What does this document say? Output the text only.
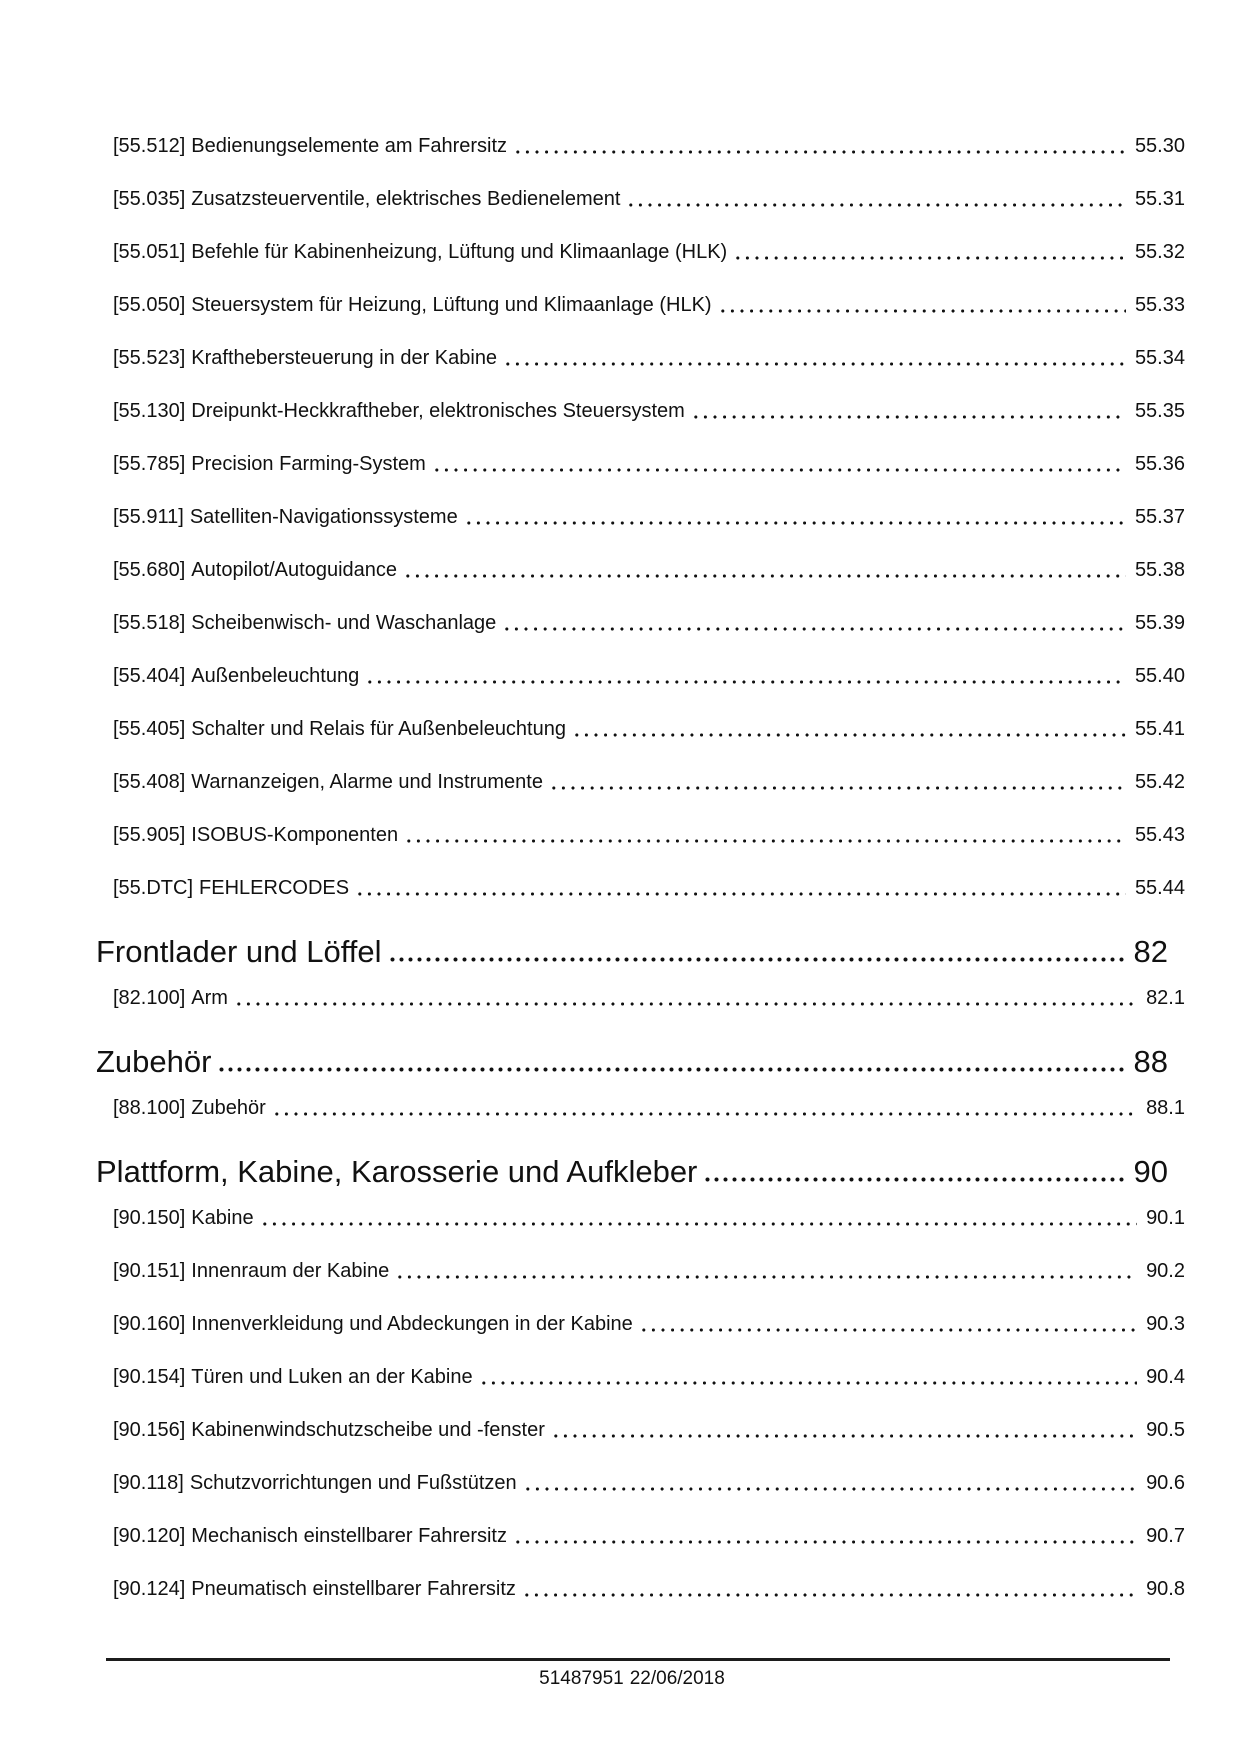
[55.512] Bedienungselemente am Fahrersitz	55.30
[55.035] Zusatzsteuerventile, elektrisches Bedienelement	55.31
[55.051] Befehle für Kabinenheizung, Lüftung und Klimaanlage (HLK)	55.32
[55.050] Steuersystem für Heizung, Lüftung und Klimaanlage (HLK)	55.33
[55.523] Krafthebersteuerung in der Kabine	55.34
[55.130] Dreipunkt-Heckkraftheber, elektronisches Steuersystem	55.35
[55.785] Precision Farming-System	55.36
[55.911] Satelliten-Navigationssysteme	55.37
[55.680] Autopilot/Autoguidance	55.38
[55.518] Scheibenwisch- und Waschanlage	55.39
[55.404] Außenbeleuchtung	55.40
[55.405] Schalter und Relais für Außenbeleuchtung	55.41
[55.408] Warnanzeigen, Alarme und Instrumente	55.42
[55.905] ISOBUS-Komponenten	55.43
[55.DTC] FEHLERCODES	55.44
Frontlader und Löffel	82
[82.100] Arm	82.1
Zubehör	88
[88.100] Zubehör	88.1
Plattform, Kabine, Karosserie und Aufkleber	90
[90.150] Kabine	90.1
[90.151] Innenraum der Kabine	90.2
[90.160] Innenverkleidung und Abdeckungen in der Kabine	90.3
[90.154] Türen und Luken an der Kabine	90.4
[90.156] Kabinenwindschutzscheibe und -fenster	90.5
[90.118] Schutzvorrichtungen und Fußstützen	90.6
[90.120] Mechanisch einstellbarer Fahrersitz	90.7
[90.124] Pneumatisch einstellbarer Fahrersitz	90.8
51487951 22/06/2018
